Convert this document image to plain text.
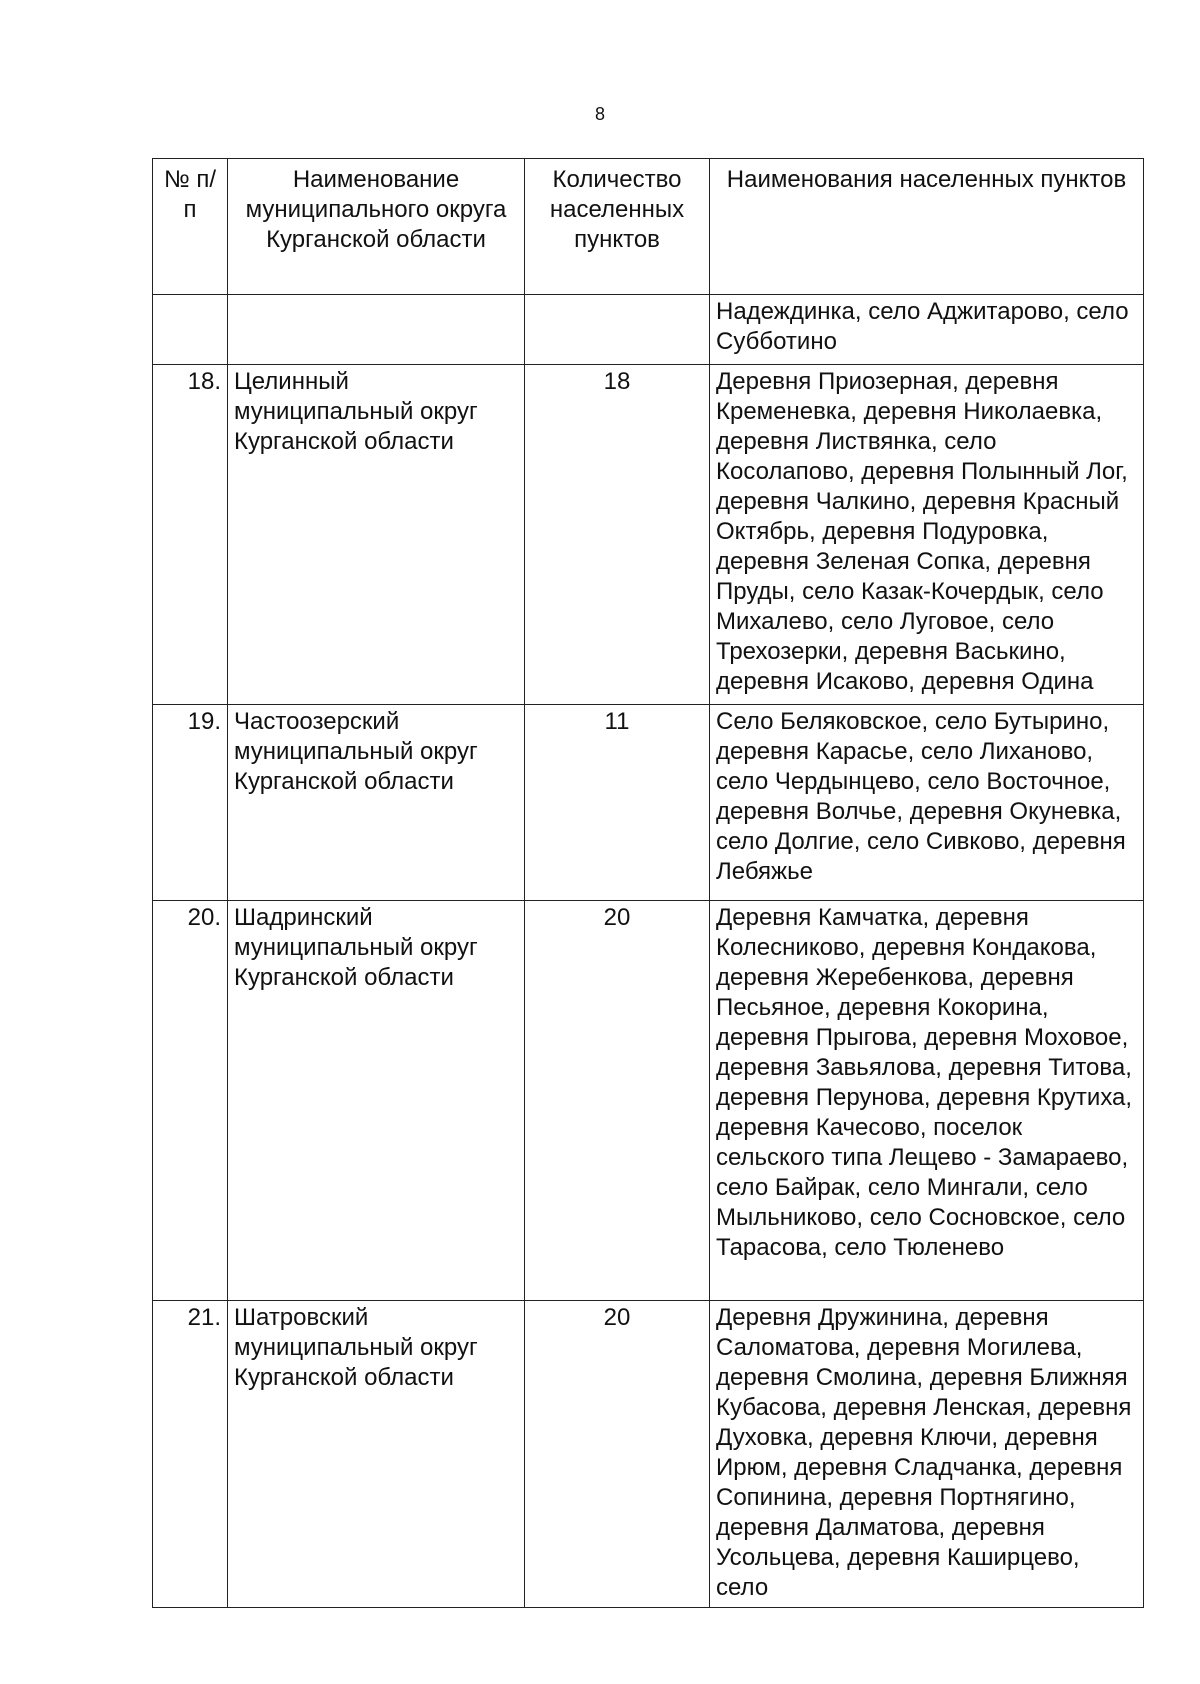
8
№ п/п	Наименование муниципального округа Курганской области	Количество населенных пунктов	Наименования населенных пунктов
			Надеждинка, село Аджитарово, село Субботино
18.	Целинный муниципальный округ Курганской области	18	Деревня Приозерная, деревня Кременевка, деревня Николаевка, деревня Листвянка, село Косолапово, деревня Полынный Лог, деревня Чалкино, деревня Красный Октябрь, деревня Подуровка, деревня Зеленая Сопка, деревня Пруды, село Казак-Кочердык, село Михалево, село Луговое, село Трехозерки, деревня Васькино, деревня Исаково, деревня Одина
19.	Частоозерский муниципальный округ Курганской области	11	Село Беляковское, село Бутырино, деревня Карасье, село Лиханово, село Чердынцево, село Восточное, деревня Волчье, деревня Окуневка, село Долгие, село Сивково, деревня Лебяжье
20.	Шадринский муниципальный округ Курганской области	20	Деревня Камчатка, деревня Колесниково, деревня Кондакова, деревня Жеребенкова, деревня Песьяное, деревня Кокорина, деревня Прыгова, деревня Моховое, деревня Завьялова, деревня Титова, деревня Перунова, деревня Крутиха, деревня Качесово, поселок сельского типа Лещево - Замараево, село Байрак, село Мингали, село Мыльниково, село Сосновское, село Тарасова, село Тюленево
21.	Шатровский муниципальный округ Курганской области	20	Деревня Дружинина, деревня Саломатова, деревня Могилева, деревня Смолина, деревня Ближняя Кубасова, деревня Ленская, деревня Духовка, деревня Ключи, деревня Ирюм, деревня Сладчанка, деревня Сопинина, деревня Портнягино, деревня Далматова, деревня Усольцева, деревня Каширцево, село
